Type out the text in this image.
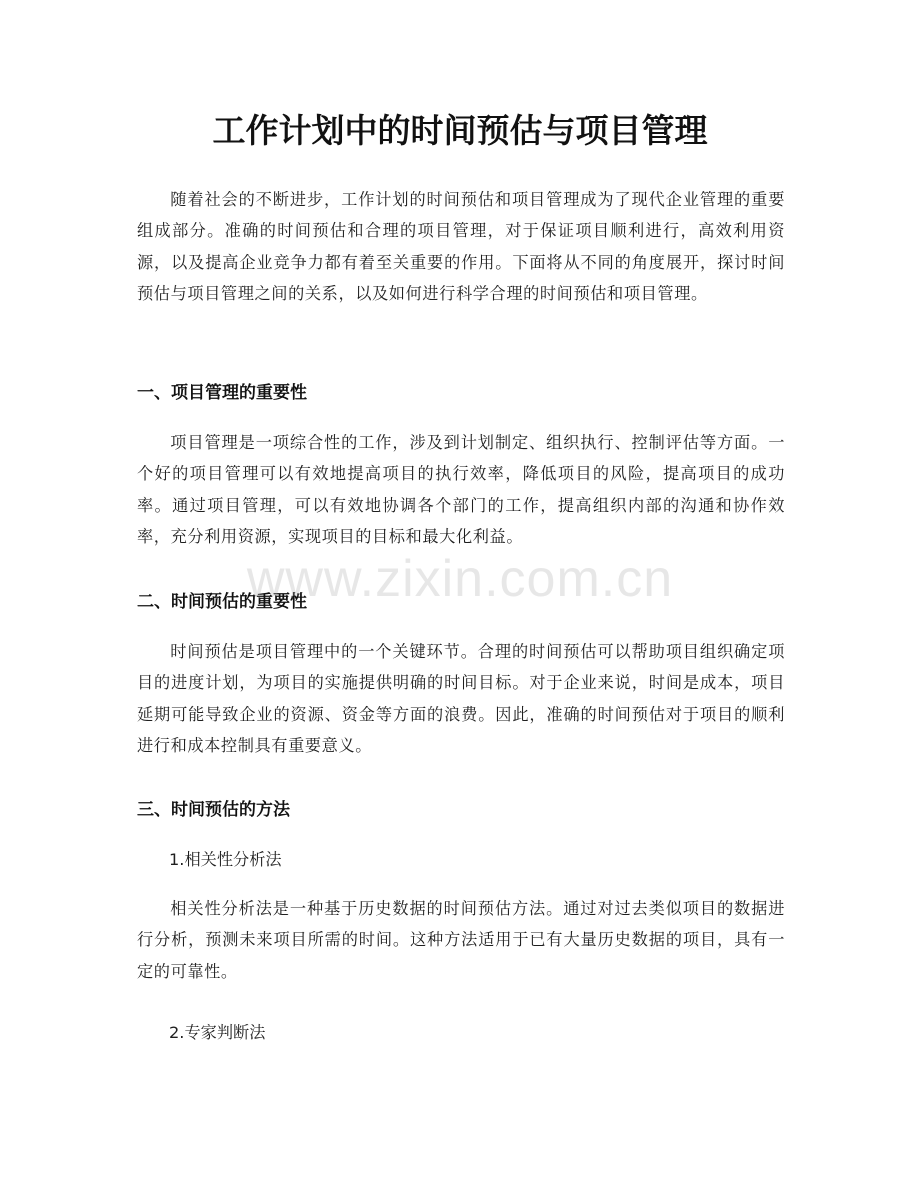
工作计划中的时间预估与项目管理

随着社会的不断进步，工作计划的时间预估和项目管理成为了现代企业管理的重要组成部分。准确的时间预估和合理的项目管理，对于保证项目顺利进行，高效利用资源，以及提高企业竞争力都有着至关重要的作用。下面将从不同的角度展开，探讨时间预估与项目管理之间的关系，以及如何进行科学合理的时间预估和项目管理。

一、项目管理的重要性

项目管理是一项综合性的工作，涉及到计划制定、组织执行、控制评估等方面。一个好的项目管理可以有效地提高项目的执行效率，降低项目的风险，提高项目的成功率。通过项目管理，可以有效地协调各个部门的工作，提高组织内部的沟通和协作效率，充分利用资源，实现项目的目标和最大化利益。

二、时间预估的重要性

时间预估是项目管理中的一个关键环节。合理的时间预估可以帮助项目组织确定项目的进度计划，为项目的实施提供明确的时间目标。对于企业来说，时间是成本，项目延期可能导致企业的资源、资金等方面的浪费。因此，准确的时间预估对于项目的顺利进行和成本控制具有重要意义。

三、时间预估的方法

1.相关性分析法

相关性分析法是一种基于历史数据的时间预估方法。通过对过去类似项目的数据进行分析，预测未来项目所需的时间。这种方法适用于已有大量历史数据的项目，具有一定的可靠性。

2.专家判断法

www.zixin.com.cn
